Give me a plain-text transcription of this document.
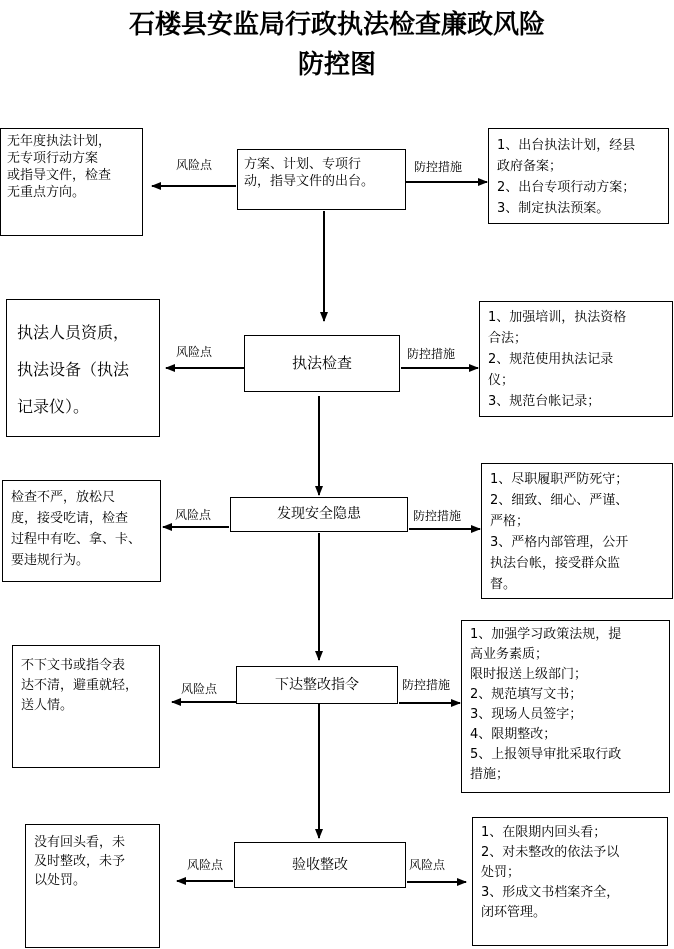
石楼县安监局行政执法检查廉政风险
防控图
无年度执法计划，
无专项行动方案
或指导文件，检查
无重点方向。
风险点 方案、计划、专项行
动，指导文件的出台。
防控措施
1、出台执法计划，经县
政府备案；
2、出台专项行动方案；
3、制定执法预案。
执法人员资质，
执法设备（执法
记录仪）。
风险点
执法检查	防控措施
1、加强培训，执法资格
合法；
2、规范使用执法记录
仪；
3、规范台帐记录；
检查不严，放松尺
度，接受吃请，检查
过程中有吃、拿、卡、
要违规行为。
风险点	发现安全隐患	防控措施
1、尽职履职严防死守；
2、细致、细心、严谨、
严格；
3、严格内部管理，公开
执法台帐，接受群众监
督。
不下文书或指令表
达不清，避重就轻，
送人情。
风险点	下达整改指令	防控措施
1、加强学习政策法规，提
高业务素质；
限时报送上级部门；
2、规范填写文书；
3、现场人员签字；
4、限期整改；
5、上报领导审批采取行政
措施；
没有回头看，未
及时整改，未予
以处罚。
风险点	验收整改	风险点
1、在限期内回头看；
2、对未整改的依法予以
处罚；
3、形成文书档案齐全，
闭环管理。
